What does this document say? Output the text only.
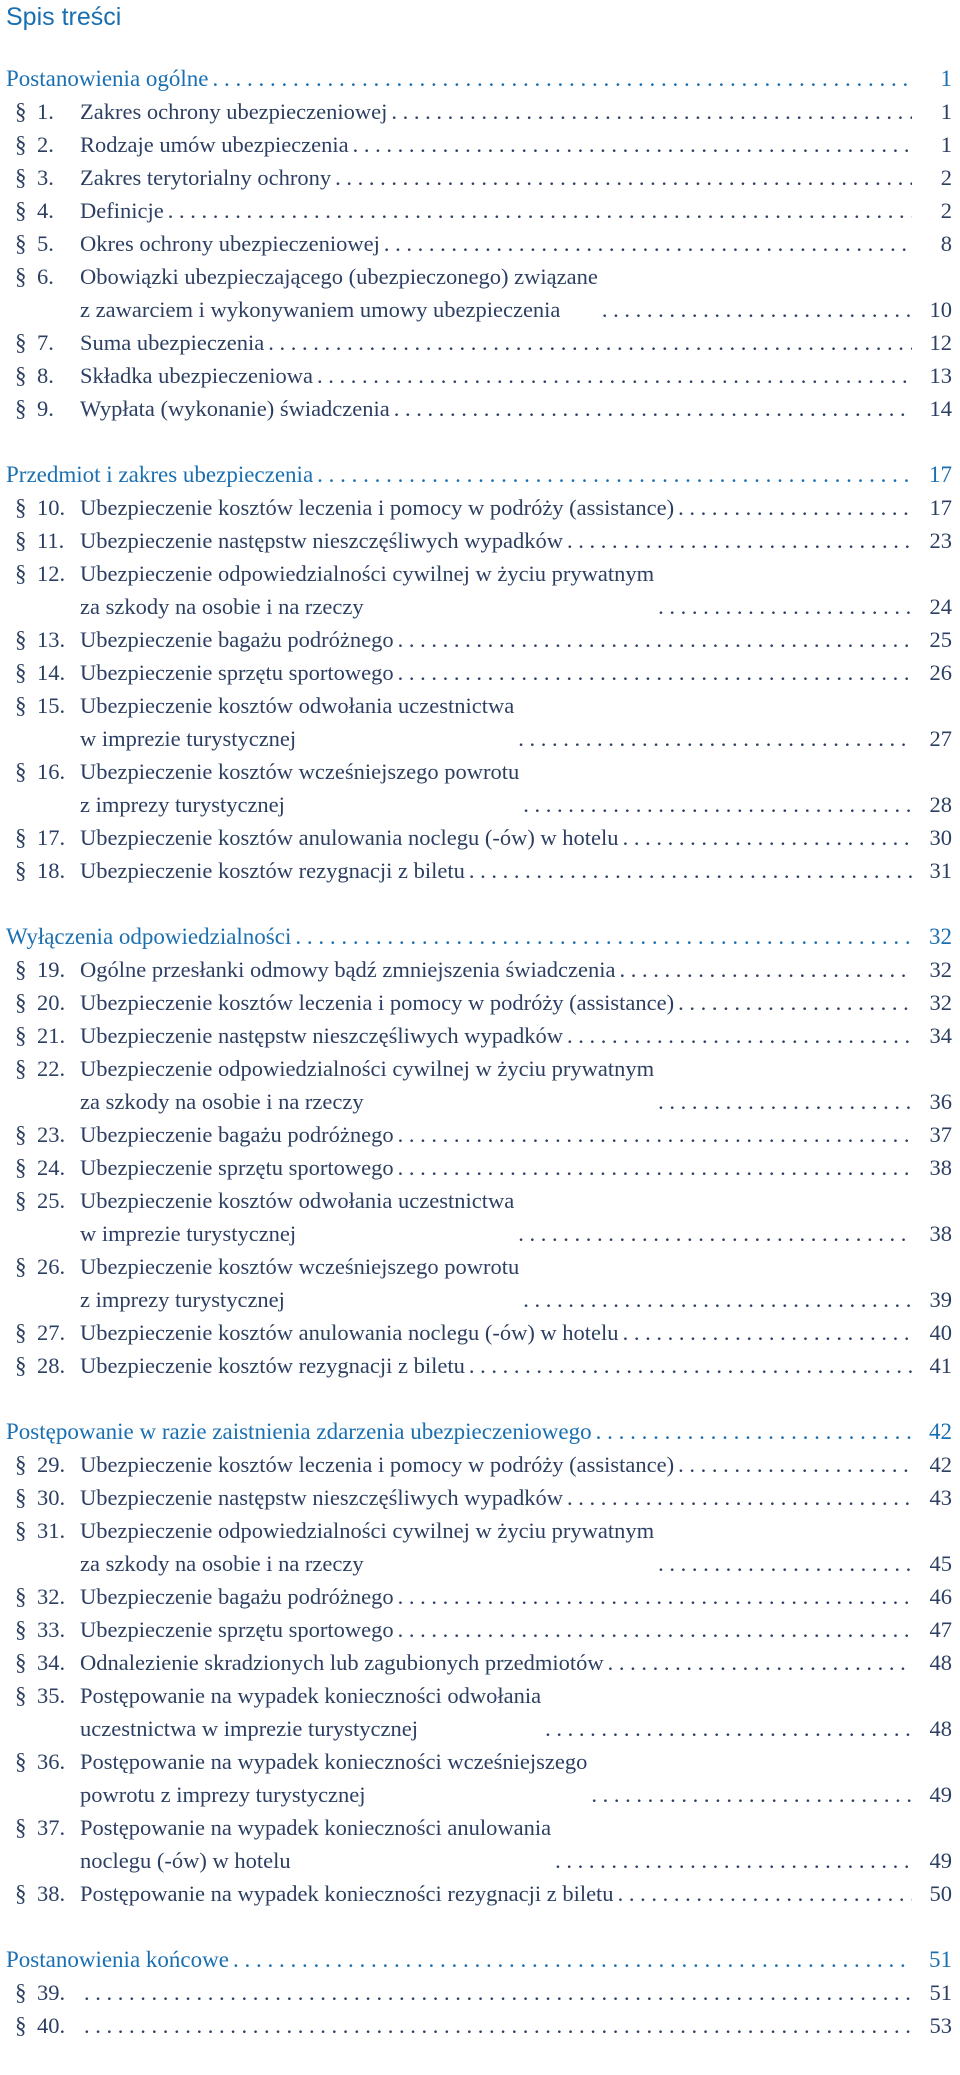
Spis treści
Postanowienia ogólne . . .	1
§ 1.	Zakres ochrony ubezpieczeniowej . . .	1
§ 2.	Rodzaje umów ubezpieczenia . . .	1
§ 3.	Zakres terytorialny ochrony . . .	2
§ 4.	Definicje . . .	2
§ 5.	Okres ochrony ubezpieczeniowej . . .	8
§ 6.	Obowiązki ubezpieczającego (ubezpieczonego) związane
z zawarciem i wykonywaniem umowy ubezpieczenia . . .	10
§ 7.	Suma ubezpieczenia . . .	12
§ 8.	Składka ubezpieczeniowa . . .	13
§ 9.	Wypłata (wykonanie) świadczenia . . .	14
Przedmiot i zakres ubezpieczenia . . .	17
§ 10. Ubezpieczenie kosztów leczenia i pomocy w podróży (assistance) . . .	17
§ 11. Ubezpieczenie następstw nieszczęśliwych wypadków . . .	23
§ 12. Ubezpieczenie odpowiedzialności cywilnej w życiu prywatnym
za szkody na osobie i na rzeczy . . .	24
§ 13. Ubezpieczenie bagażu podróżnego . . .	25
§ 14. Ubezpieczenie sprzętu sportowego . . .	26
§ 15. Ubezpieczenie kosztów odwołania uczestnictwa
w imprezie turystycznej . . .	27
§ 16. Ubezpieczenie kosztów wcześniejszego powrotu
z imprezy turystycznej . . .	28
§ 17. Ubezpieczenie kosztów anulowania noclegu (-ów) w hotelu . . .	30
§ 18. Ubezpieczenie kosztów rezygnacji z biletu . . .	31
Wyłączenia odpowiedzialności . . .	32
§ 19. Ogólne przesłanki odmowy bądź zmniejszenia świadczenia . . .	32
§ 20. Ubezpieczenie kosztów leczenia i pomocy w podróży (assistance) . . .	32
§ 21. Ubezpieczenie następstw nieszczęśliwych wypadków . . .	34
§ 22. Ubezpieczenie odpowiedzialności cywilnej w życiu prywatnym
za szkody na osobie i na rzeczy . . .	36
§ 23. Ubezpieczenie bagażu podróżnego . . .	37
§ 24. Ubezpieczenie sprzętu sportowego . . .	38
§ 25. Ubezpieczenie kosztów odwołania uczestnictwa
w imprezie turystycznej . . .	38
§ 26. Ubezpieczenie kosztów wcześniejszego powrotu
z imprezy turystycznej . . .	39
§ 27. Ubezpieczenie kosztów anulowania noclegu (-ów) w hotelu . . .	40
§ 28. Ubezpieczenie kosztów rezygnacji z biletu . . .	41
Postępowanie w razie zaistnienia zdarzenia ubezpieczeniowego . . .	42
§ 29. Ubezpieczenie kosztów leczenia i pomocy w podróży (assistance) . . .	42
§ 30. Ubezpieczenie następstw nieszczęśliwych wypadków . . .	43
§ 31. Ubezpieczenie odpowiedzialności cywilnej w życiu prywatnym
za szkody na osobie i na rzeczy . . .	45
§ 32. Ubezpieczenie bagażu podróżnego . . .	46
§ 33. Ubezpieczenie sprzętu sportowego . . .	47
§ 34. Odnalezienie skradzionych lub zagubionych przedmiotów . . .	48
§ 35. Postępowanie na wypadek konieczności odwołania
uczestnictwa w imprezie turystycznej . . .	48
§ 36. Postępowanie na wypadek konieczności wcześniejszego
powrotu z imprezy turystycznej . . .	49
§ 37. Postępowanie na wypadek konieczności anulowania
noclegu (-ów) w hotelu . . .	49
§ 38. Postępowanie na wypadek konieczności rezygnacji z biletu . . .	50
Postanowienia końcowe . . .	51
§ 39. . . .	51
§ 40. . . .	53
